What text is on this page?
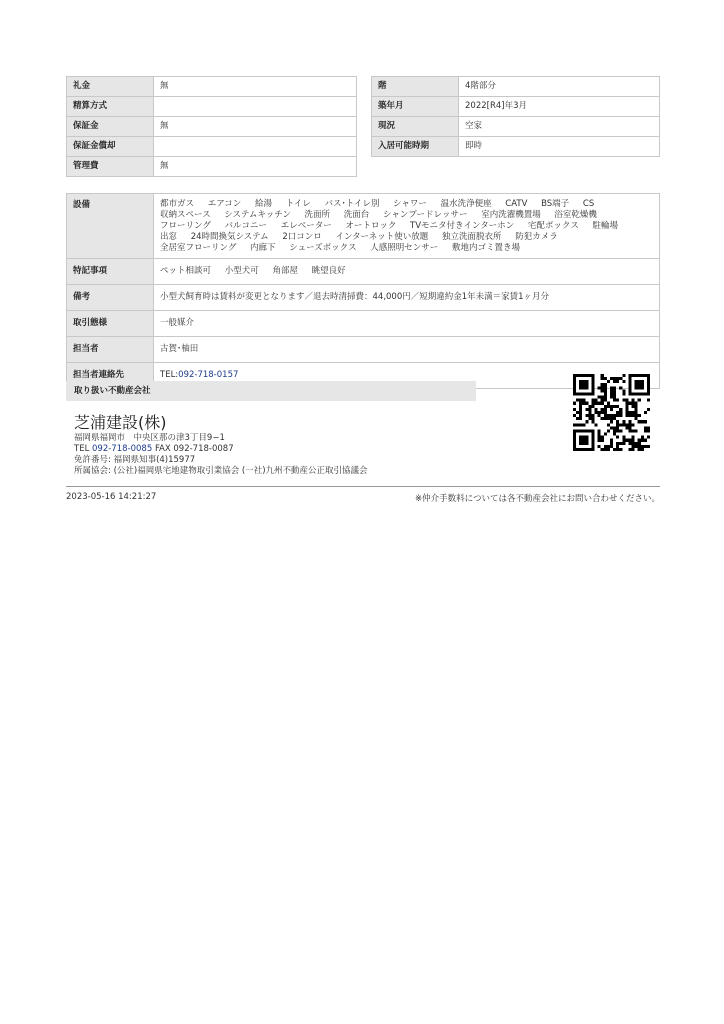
礼金	無
精算方式	
保証金	無
保証金償却	
管理費	無
階	4階部分
築年月	2022[R4]年3月
現況	空家
入居可能時期	即時
設備	都市ガス エアコン 給湯 トイレ バス･トイレ別 シャワー 温水洗浄便座 CATV BS端子 CS 収納スペース システムキッチン 洗面所 洗面台 シャンプードレッサー 室内洗濯機置場 浴室乾燥機 フローリング バルコニー エレベーター オートロック TVモニタ付きインターホン 宅配ボックス 駐輪場 出窓 24時間換気システム 2口コンロ インターネット使い放題 独立洗面脱衣所 防犯カメラ 全居室フローリング 内廊下 シューズボックス 人感照明センサー 敷地内ゴミ置き場
特記事項	ペット相談可 小型犬可 角部屋 眺望良好
備考	小型犬飼育時は賃料が変更となります／退去時清掃費：44,000円／短期違約金1年未満＝家賃1ヶ月分
取引態様	一般媒介
担当者	古賀･柚田
担当者連絡先	TEL:092-718-0157
取り扱い不動産会社
芝浦建設(株)
福岡県福岡市　中央区那の津3丁目9−1
TEL 092-718-0085 FAX 092-718-0087
免許番号: 福岡県知事(4)15977
所属協会: (公社)福岡県宅地建物取引業協会 (一社)九州不動産公正取引協議会
2023-05-16 14:21:27	※仲介手数料については各不動産会社にお問い合わせください。
